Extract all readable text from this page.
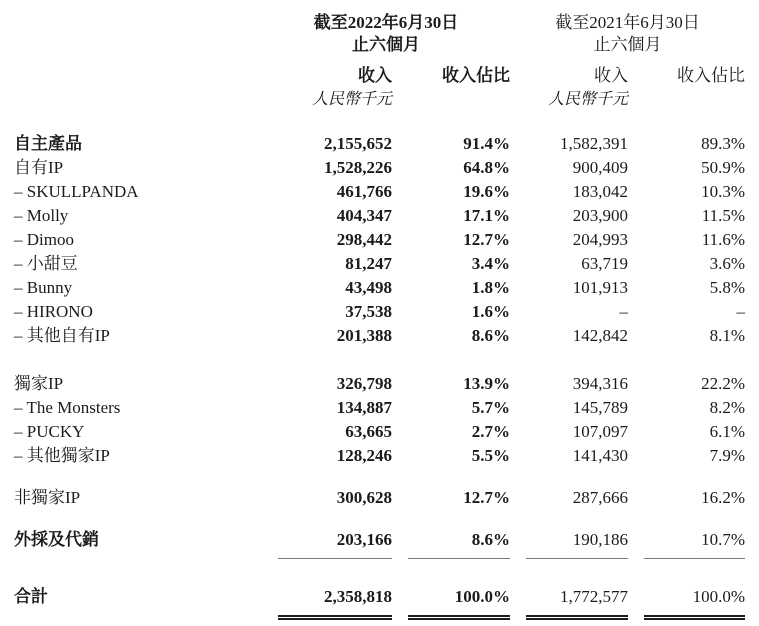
截至2022年6月30日
止六個月

截至2021年6月30日
止六個月

	收入	收入佔比	收入	收入佔比

	人民幣千元		人民幣千元	

自主產品	2,155,652	91.4%	1,582,391	89.3%

自有IP	1,528,226	64.8%	900,409	50.9%

– SKULLPANDA	461,766	19.6%	183,042	10.3%

– Molly	404,347	17.1%	203,900	11.5%

– Dimoo	298,442	12.7%	204,993	11.6%

– 小甜豆	81,247	3.4%	63,719	3.6%

– Bunny	43,498	1.8%	101,913	5.8%

– HIRONO	37,538	1.6%	–	–

– 其他自有IP	201,388	8.6%	142,842	8.1%

獨家IP	326,798	13.9%	394,316	22.2%

– The Monsters	134,887	5.7%	145,789	8.2%

– PUCKY	63,665	2.7%	107,097	6.1%

– 其他獨家IP	128,246	5.5%	141,430	7.9%

非獨家IP	300,628	12.7%	287,666	16.2%

外採及代銷	203,166	8.6%	190,186	10.7%

合計	2,358,818	100.0%	1,772,577	100.0%
